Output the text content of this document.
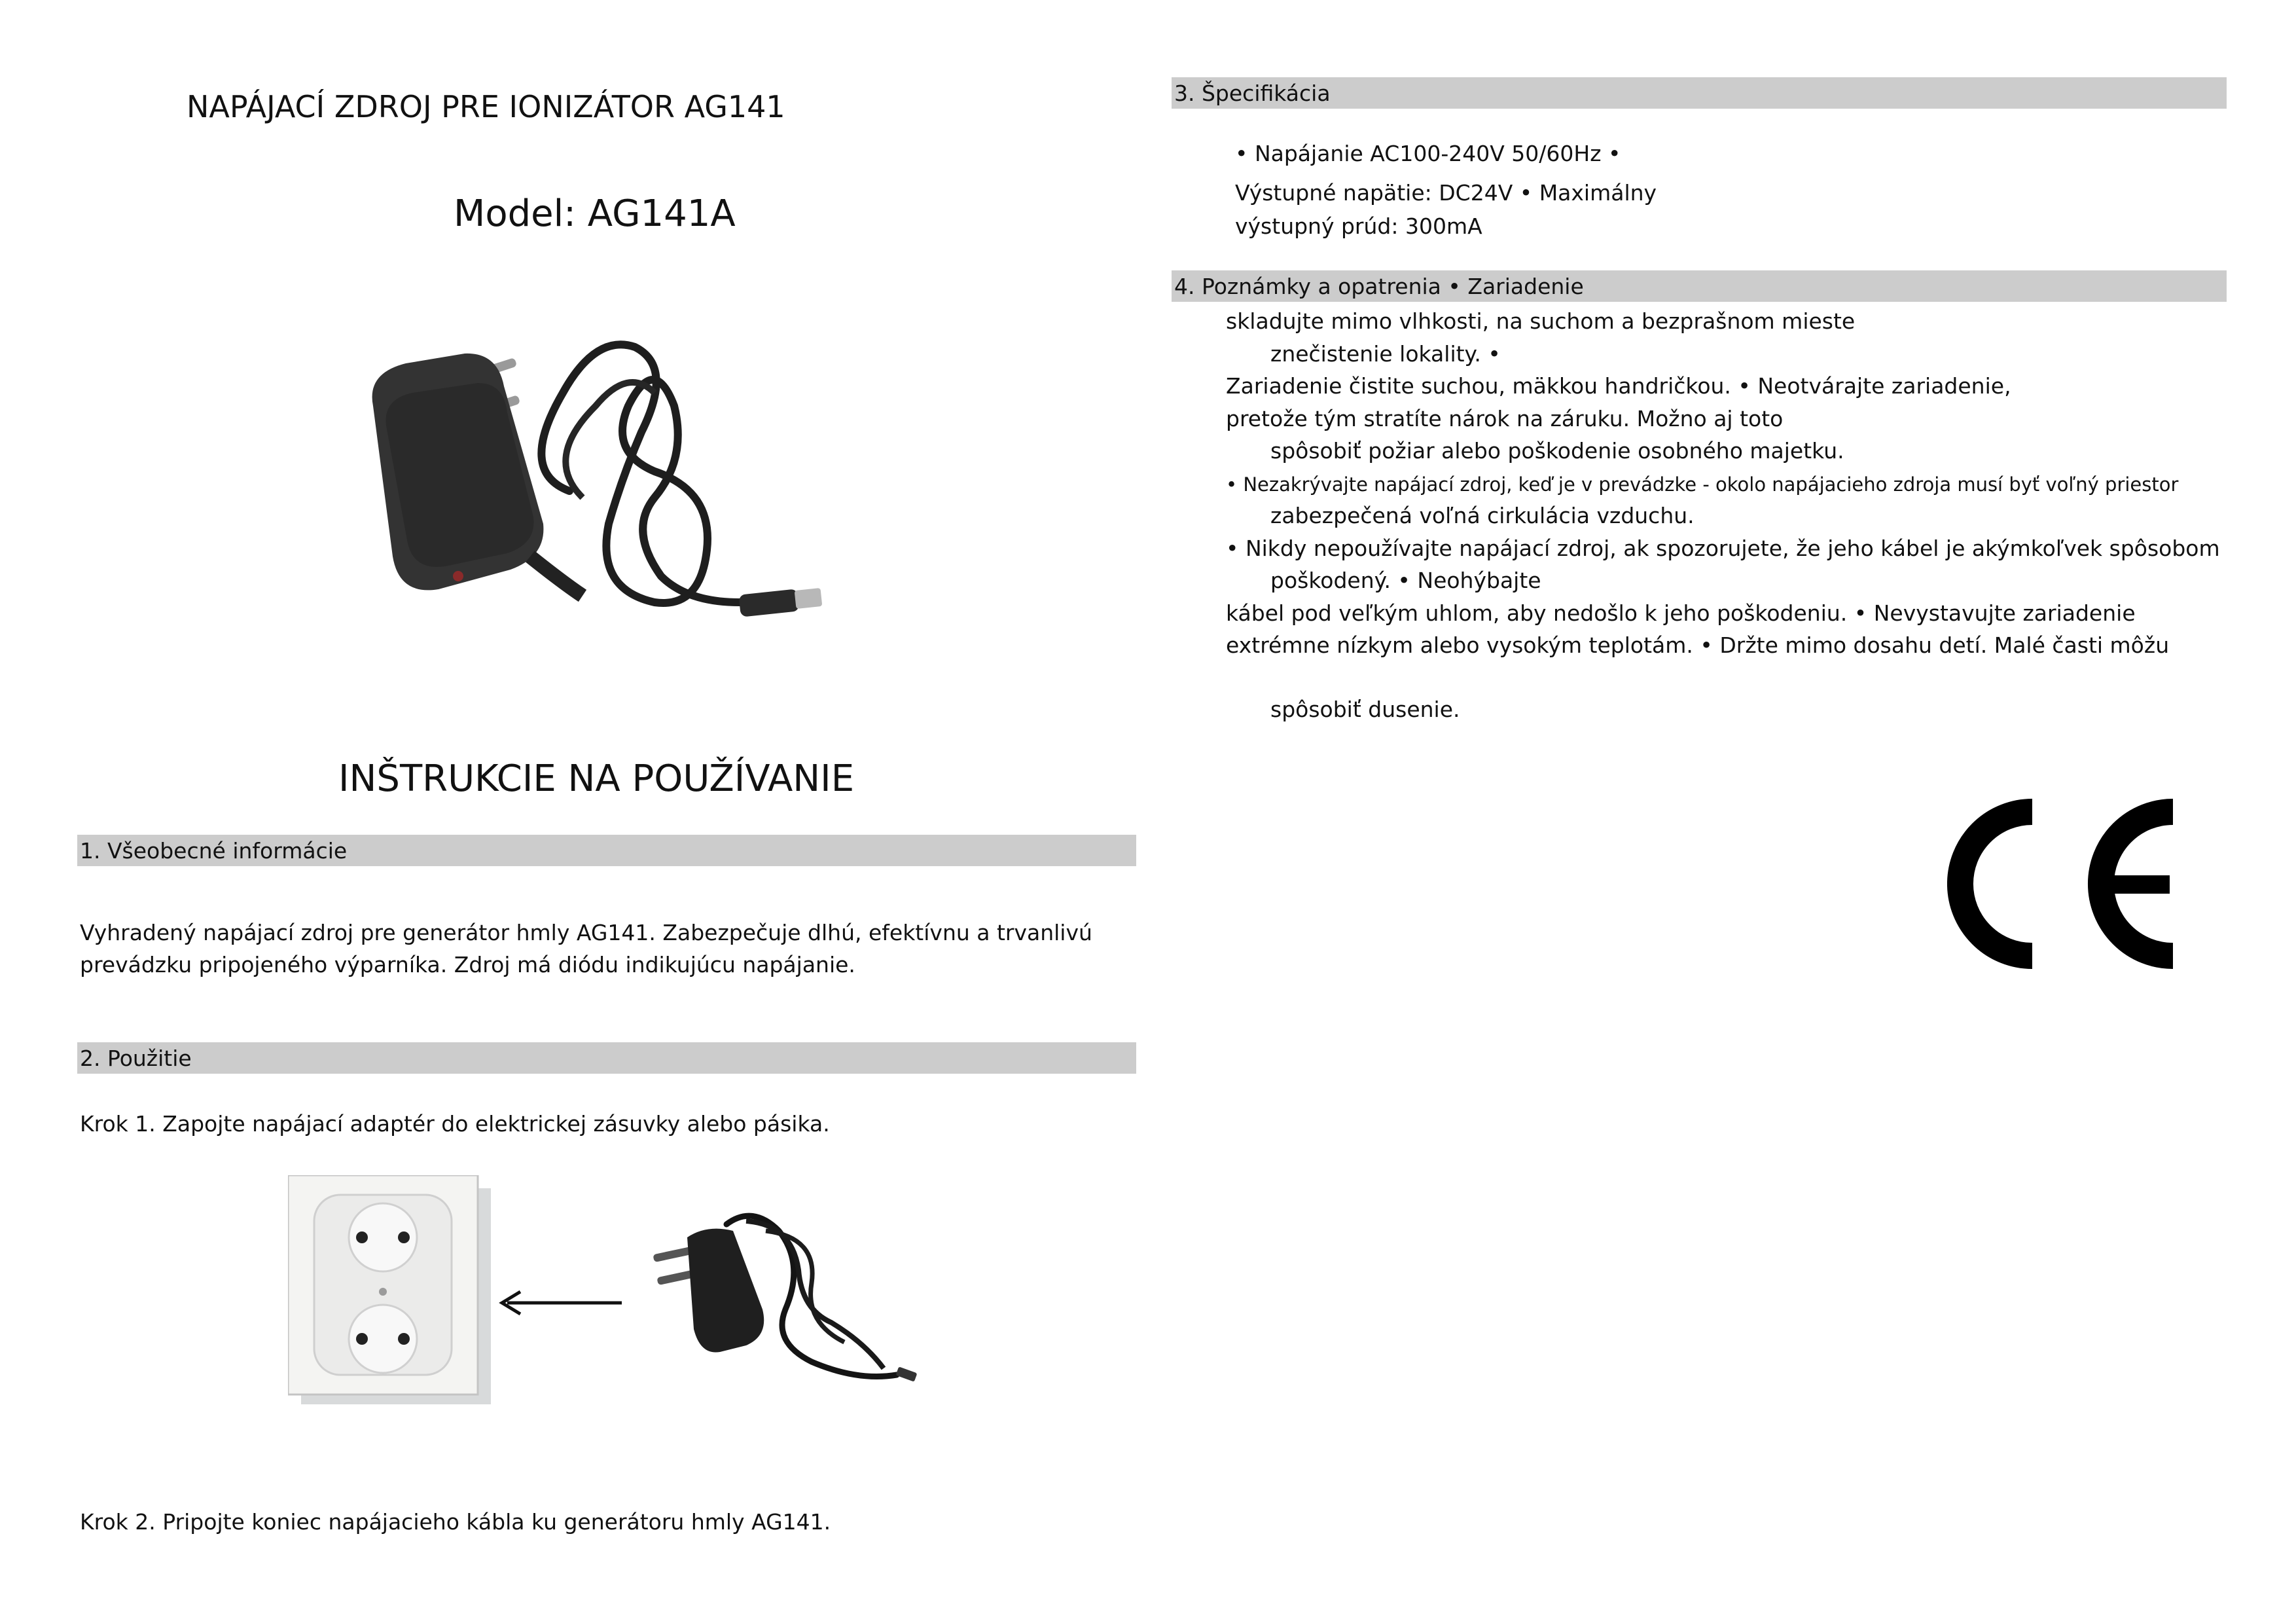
NAPÁJACÍ ZDROJ PRE IONIZÁTOR AG141
Model: AG141A
INŠTRUKCIE NA POUŽÍVANIE
1. Všeobecné informácie
Vyhradený napájací zdroj pre generátor hmly AG141. Zabezpečuje dlhú, efektívnu a trvanlivú
prevádzku pripojeného výparníka. Zdroj má diódu indikujúcu napájanie.
2. Použitie
Krok 1. Zapojte napájací adaptér do elektrickej zásuvky alebo pásika.
Krok 2. Pripojte koniec napájacieho kábla ku generátoru hmly AG141.
3. Špecifikácia
• Napájanie AC100-240V 50/60Hz •
Výstupné napätie: DC24V • Maximálny
výstupný prúd: 300mA
4. Poznámky a opatrenia • Zariadenie
skladujte mimo vlhkosti, na suchom a bezprašnom mieste
znečistenie lokality. •
Zariadenie čistite suchou, mäkkou handričkou. • Neotvárajte zariadenie,
pretože tým stratíte nárok na záruku. Možno aj toto
spôsobiť požiar alebo poškodenie osobného majetku.
• Nezakrývajte napájací zdroj, keď je v prevádzke - okolo napájacieho zdroja musí byť voľný priestor
zabezpečená voľná cirkulácia vzduchu.
• Nikdy nepoužívajte napájací zdroj, ak spozorujete, že jeho kábel je akýmkoľvek spôsobom
poškodený. • Neohýbajte
kábel pod veľkým uhlom, aby nedošlo k jeho poškodeniu. • Nevystavujte zariadenie
extrémne nízkym alebo vysokým teplotám. • Držte mimo dosahu detí. Malé časti môžu
spôsobiť dusenie.
